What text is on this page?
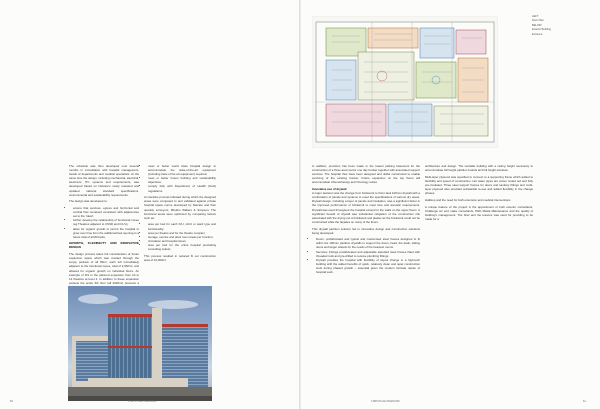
The schedule was then developed over several months in consultation with hospital management, heads of departments and medical specialists. At the same time the design, including mechanical, electrical, electronic, ITC systems and requirements, was developed based on Netcare's newly released and updated national standard specifications, environmental and sustainability requirements.

The design was developed to:

• ensure that services, egress and horizontal and vertical flow remained consistent with adjacencies set to the 'ideal';
• further develop the relationship of functional zones (eg Theatres adjacent to CSSD and ICU's);
• allow for organic growth to permit the hospital to grow over time from the additional bed opening to a future total of all 80 beds;

GROWTH, FLEXIBILITY AND INNOVATIVE DESIGN

The design process takes full consideration of future expansion space which was created through the empty pockets of all 80m², each left immediately adjacent to the functional zones, total of 2,952m², and allowed for organic growth on individual floors. An example of this is the planned expansion from 10 to 12 theatres at level 4. In addition to these expansion pockets the entire 6th floor (all 2000m²) presents a

• meet or better world class hospital design to accommodate the state-of-the-art equipment (including state of the art equipment) required;
• meet or better Green building and sustainability objectives;
• comply fully with Department of Health (DoH) regulations.

An iterative process followed during which the designed areas were compared to and validated against private hospital space norms developed by Netcare and their quantity surveyors, Mbuthu Walters & Simpson. The functional areas were optimised by comparing factors such as:

• area per bed for each ICU, HCU or ward type and functionality;
• area per theatre and for the theatre complex;
• storage, service and plant room areas per function;
• circulation and hospital street;
• area per bed for the entire hospital (excluding consulting suites).

This process resulted in reduced fit out construction area of ±2,000m².

60	CHRISTIAAN BARNARD

LEFT:

Floor Plan

BELOW:

Exterior Building

Entrance

In addition, provision has been made in the lowest parking basement for the construction of a three-level sector one day bunker together with associated support services. The hospital thus have been designed and drafts constructed to enable servicing of the existing bunker. Future expansion on the top floors will accommodate Chemotherapy and Oncology suites.

Innovative use of drywall

A major decision was the change from brickwork to fit-for-task 100mm drywall with a combination of panels and systems to meet the specifications of various dry areas. Drywall design, including a layer of panels and insulation, was a significant factor in the improved performance of brickwork to meet time and acoustic requirements. Drywall was used throughout the hospital except for the walls on the upper floors. A significant benefit of drywall was substantial mitigation of the construction risk associated with the drying out of brickwork and plaster as the brickwork could not be constructed while the façades on many of the floors.

This drywall partition solution led to innovative design and construction solutions being developed:

• Doors: prefabricated and typical and customised steel frames designed to fit within the 100mm partition drywalls to support the doors, head, the dado, sliding doors and larger wheels for the needs of the heaviest rooms.
• Services: Fittings prefabricated and adjustable standard steel frames fitted with threaded rods and pre-drilled to receive plumbing fittings.
• Drywall provides the hospital with flexibility of layout change in a high-tech building with the added benefits of quick, relatively clean and quiet construction work during phased growth – essential given the modern intimate nature of hospital work.

architecture and design. The versatile building with a ceiling height necessary to accommodate full height partition boards and full height windows.

Multi-layer plywood was specified to connect to a supporting frame which added to flexibility and speed of construction. Hot water pipes are colour coded red and fully pre-insulated. Three steel support frames for doors and sanitary fittings and multi-layer plywood also provided substantial re-use and added flexibility in the change phases.

Hallstop and the need for both extension and medical interventions

A unique feature of the project is the appointment of both exterior consultants, Challenge Air and make consultants, PHD Mekla Maintenance and the quality of building's management. The brief and the lessons was used for providing to be made for a

CHRISTIAAN BARNARD	61
